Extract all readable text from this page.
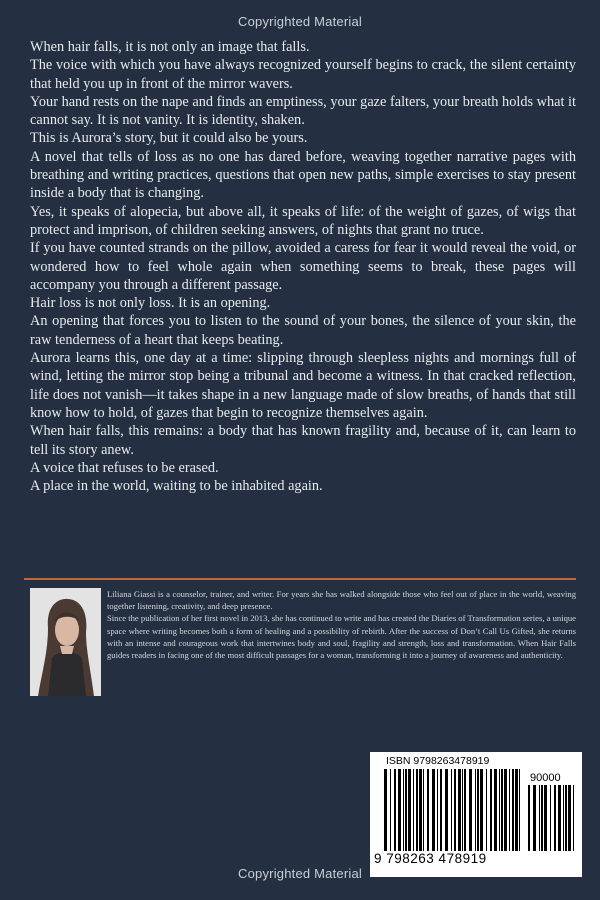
Copyrighted Material

When hair falls, it is not only an image that falls.

The voice with which you have always recognized yourself begins to crack, the silent certainty that held you up in front of the mirror wavers.

Your hand rests on the nape and finds an emptiness, your gaze falters, your breath holds what it cannot say. It is not vanity. It is identity, shaken.

This is Aurora’s story, but it could also be yours.

A novel that tells of loss as no one has dared before, weaving together narrative pages with breathing and writing practices, questions that open new paths, simple exercises to stay present inside a body that is changing.

Yes, it speaks of alopecia, but above all, it speaks of life: of the weight of gazes, of wigs that protect and imprison, of children seeking answers, of nights that grant no truce.

If you have counted strands on the pillow, avoided a caress for fear it would reveal the void, or wondered how to feel whole again when something seems to break, these pages will accompany you through a different passage.

Hair loss is not only loss. It is an opening.

An opening that forces you to listen to the sound of your bones, the silence of your skin, the raw tenderness of a heart that keeps beating.

Aurora learns this, one day at a time: slipping through sleepless nights and mornings full of wind, letting the mirror stop being a tribunal and become a witness. In that cracked reflection, life does not vanish—it takes shape in a new language made of slow breaths, of hands that still know how to hold, of gazes that begin to recognize themselves again.

When hair falls, this remains: a body that has known fragility and, because of it, can learn to tell its story anew.

A voice that refuses to be erased.

A place in the world, waiting to be inhabited again.

Liliana Giassi is a counselor, trainer, and writer. For years she has walked alongside those who feel out of place in the world, weaving together listening, creativity, and deep presence.

Since the publication of her first novel in 2013, she has continued to write and has created the Diaries of Transformation series, a unique space where writing becomes both a form of healing and a possibility of rebirth. After the success of Don’t Call Us Gifted, she returns with an intense and courageous work that intertwines body and soul, fragility and strength, loss and transformation. When Hair Falls guides readers in facing one of the most difficult passages for a woman, transforming it into a journey of awareness and authenticity.

ISBN 9798263478919
90000
9 798263 478919
Copyrighted Material
